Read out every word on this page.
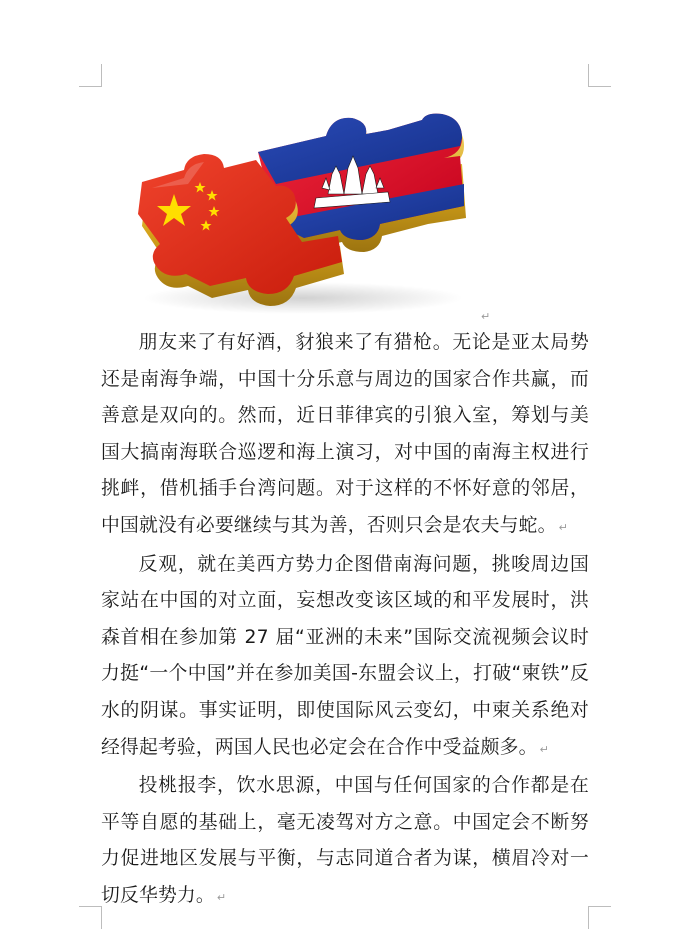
↵

朋友来了有好酒，豺狼来了有猎枪。无论是亚太局势还是南海争端，中国十分乐意与周边的国家合作共赢，而善意是双向的。然而，近日菲律宾的引狼入室，筹划与美国大搞南海联合巡逻和海上演习，对中国的南海主权进行挑衅，借机插手台湾问题。对于这样的不怀好意的邻居，中国就没有必要继续与其为善，否则只会是农夫与蛇。 ↵

反观，就在美西方势力企图借南海问题，挑唆周边国家站在中国的对立面，妄想改变该区域的和平发展时，洪森首相在参加第 27 届“亚洲的未来”国际交流视频会议时力挺“一个中国”并在参加美国-东盟会议上，打破“柬铁”反水的阴谋。事实证明，即使国际风云变幻，中柬关系绝对经得起考验，两国人民也必定会在合作中受益颇多。 ↵

投桃报李，饮水思源，中国与任何国家的合作都是在平等自愿的基础上，毫无凌驾对方之意。中国定会不断努力促进地区发展与平衡，与志同道合者为谋，横眉冷对一切反华势力。 ↵
